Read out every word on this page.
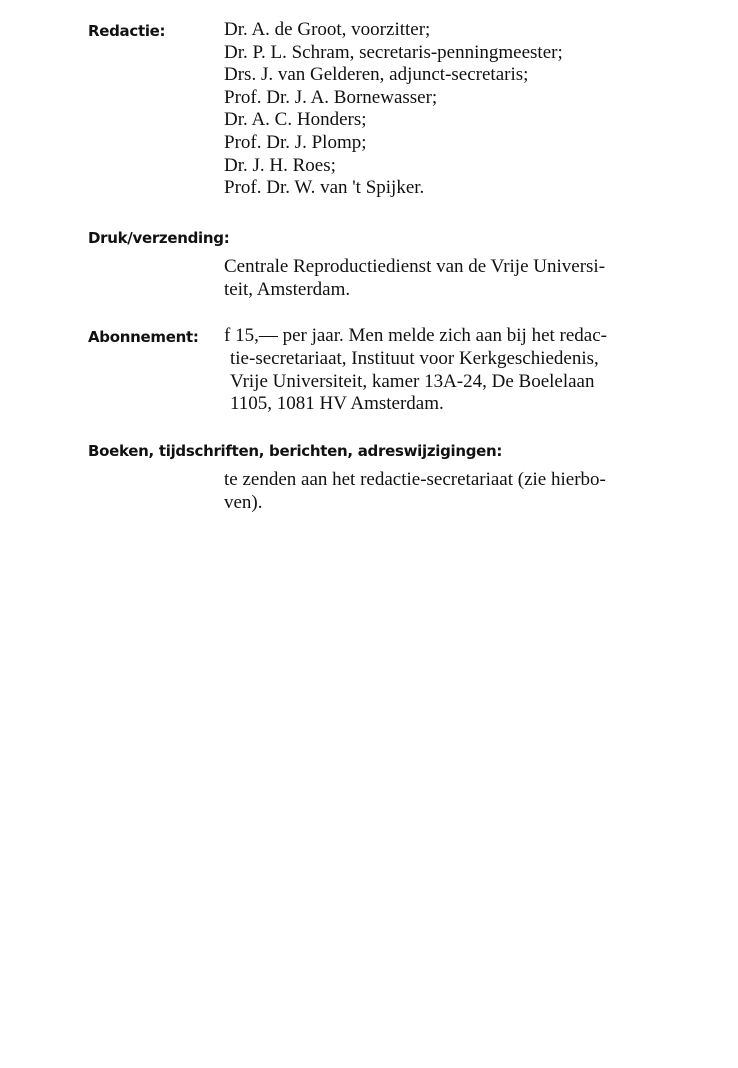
Redactie:	Dr. A. de Groot, voorzitter;
Dr. P. L. Schram, secretaris-penningmeester;
Drs. J. van Gelderen, adjunct-secretaris;
Prof. Dr. J. A. Bornewasser;
Dr. A. C. Honders;
Prof. Dr. J. Plomp;
Dr. J. H. Roes;
Prof. Dr. W. van 't Spijker.
Druk/verzending:
Centrale Reproductiedienst van de Vrije Universi-
teit, Amsterdam.
Abonnement: f 15,— per jaar. Men melde zich aan bij het redac-
tie-secretariaat, Instituut voor Kerkgeschiedenis,
Vrije Universiteit, kamer 13A-24, De Boelelaan
1105, 1081 HV Amsterdam.
Boeken, tijdschriften, berichten, adreswijzigingen:
te zenden aan het redactie-secretariaat (zie hierbo-
ven).
